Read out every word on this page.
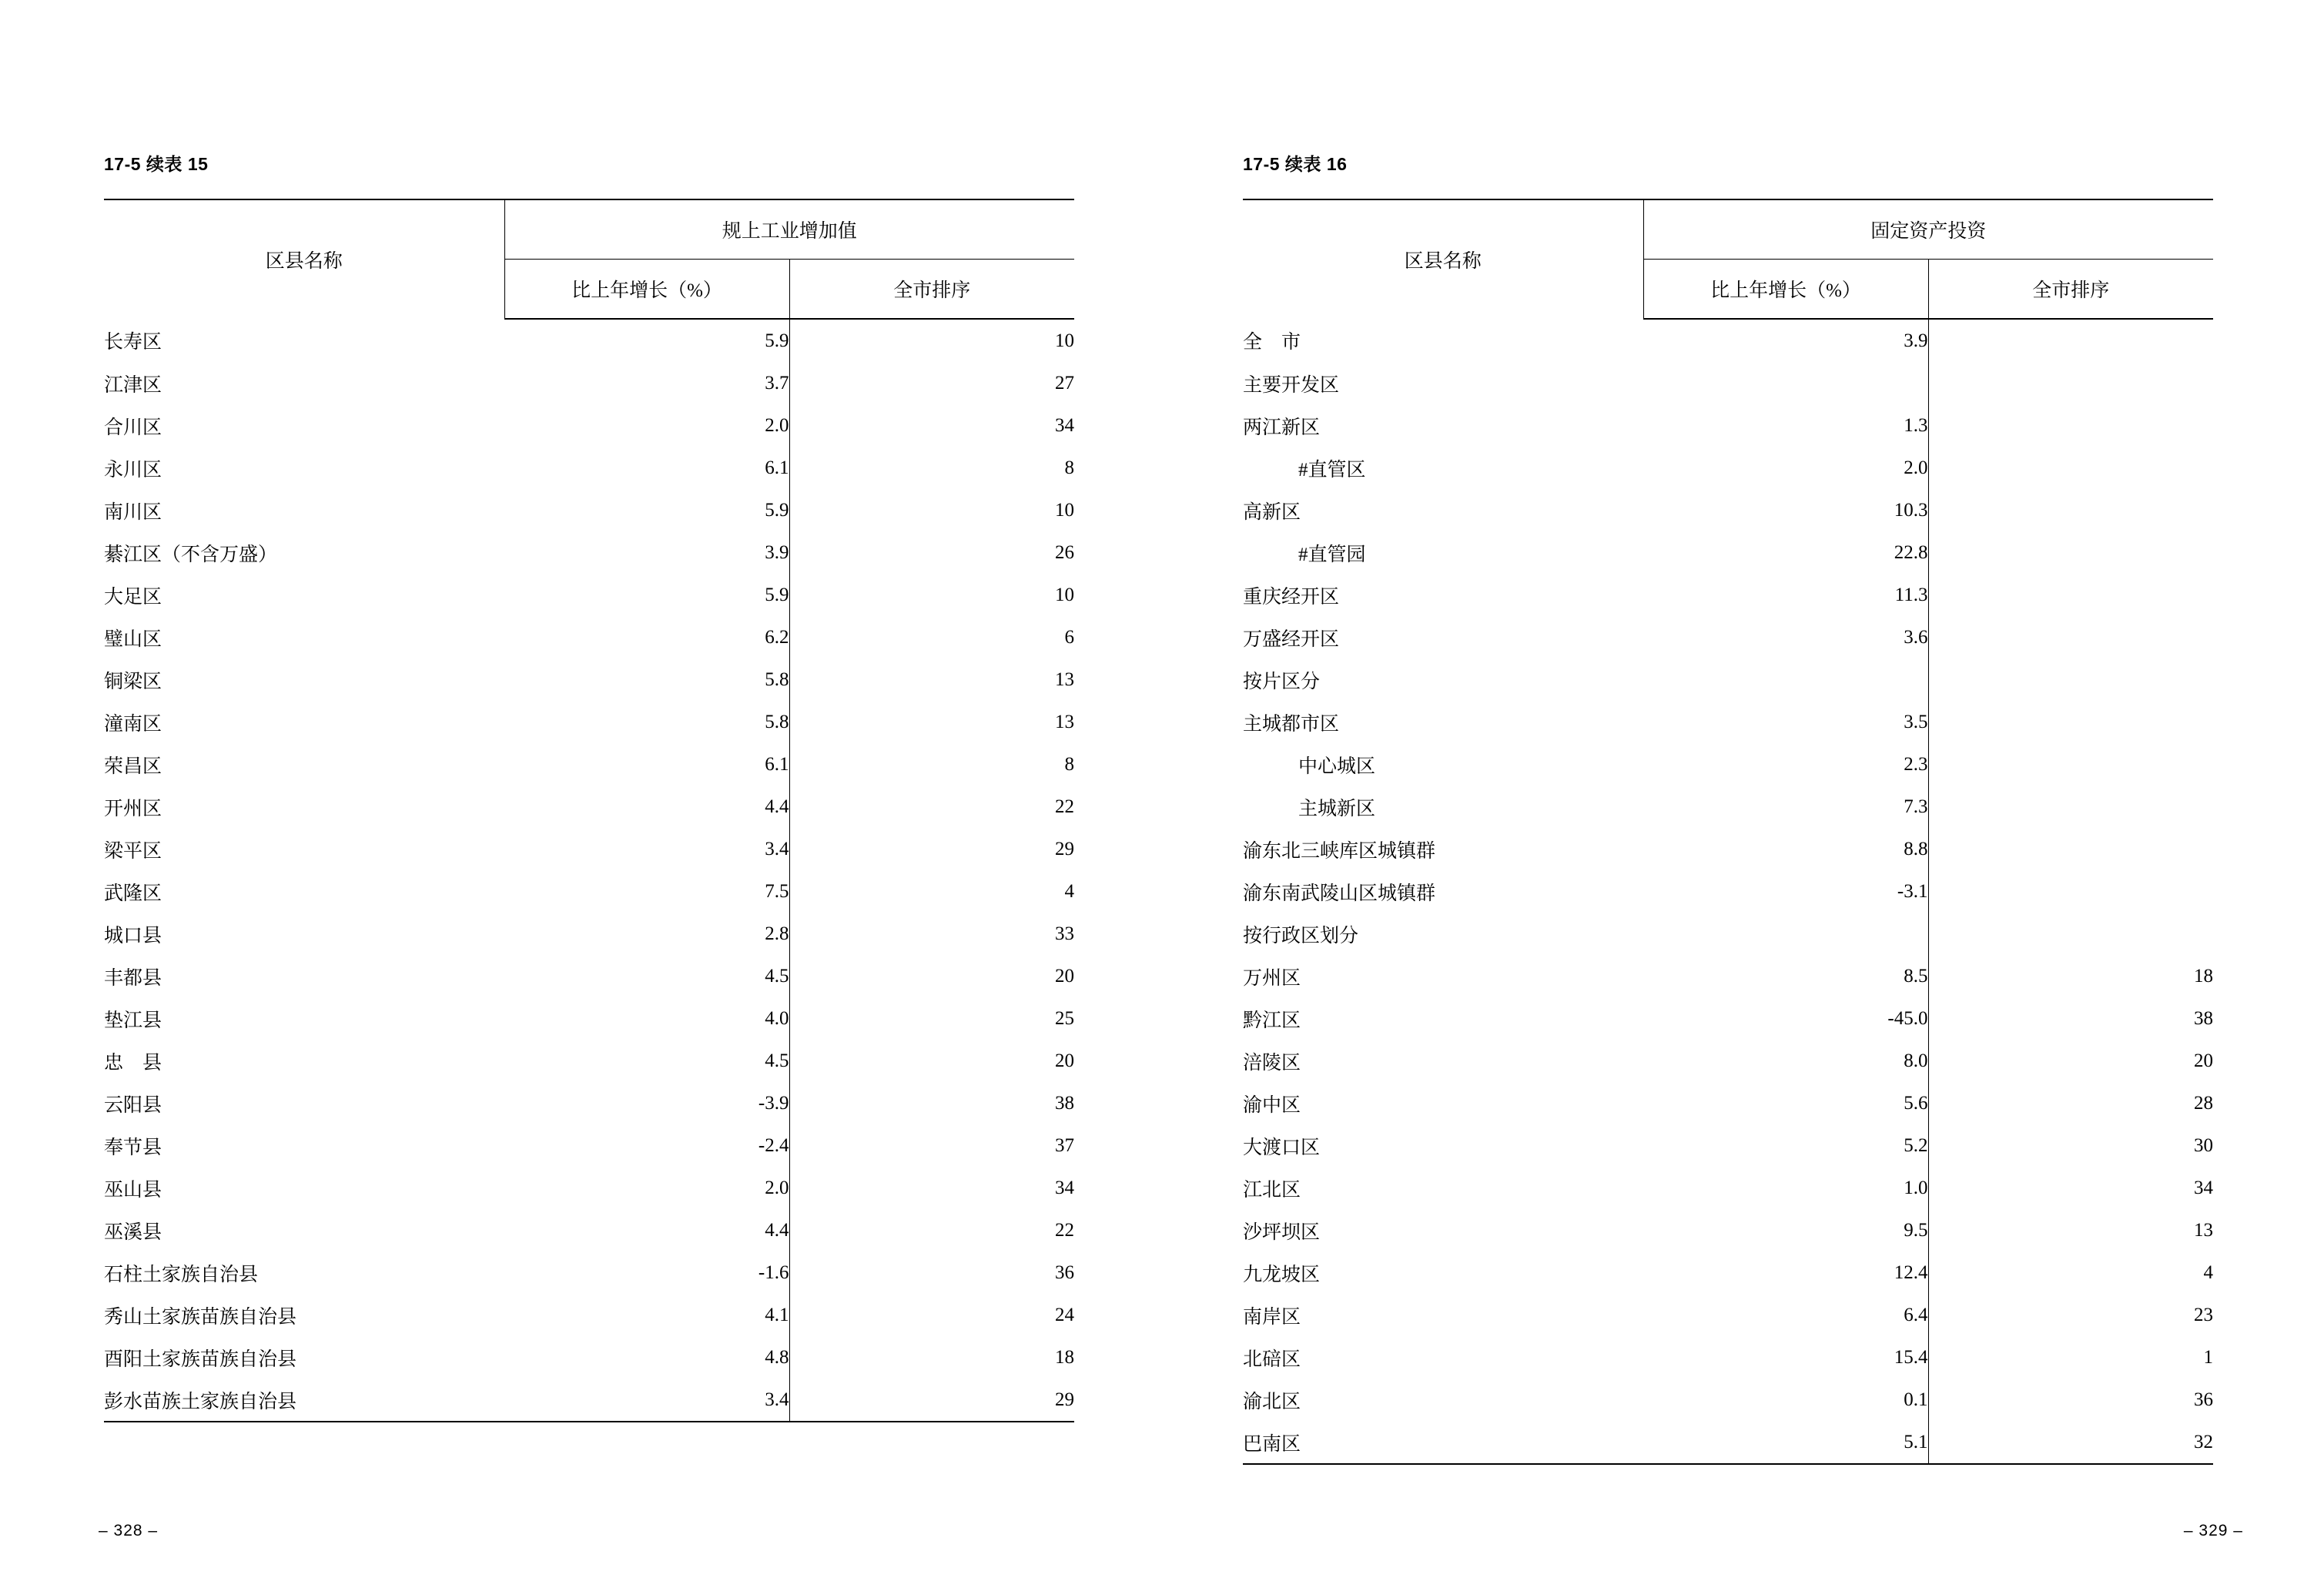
17-5 续表 15
区县名称	规上工业增加值	
	比上年增长（%）	全市排序
长寿区	5.9	10
江津区	3.7	27
合川区	2.0	34
永川区	6.1	8
南川区	5.9	10
綦江区（不含万盛）	3.9	26
大足区	5.9	10
璧山区	6.2	6
铜梁区	5.8	13
潼南区	5.8	13
荣昌区	6.1	8
开州区	4.4	22
梁平区	3.4	29
武隆区	7.5	4
城口县	2.8	33
丰都县	4.5	20
垫江县	4.0	25
忠　县	4.5	20
云阳县	-3.9	38
奉节县	-2.4	37
巫山县	2.0	34
巫溪县	4.4	22
石柱土家族自治县	-1.6	36
秀山土家族苗族自治县	4.1	24
酉阳土家族苗族自治县	4.8	18
彭水苗族土家族自治县	3.4	29
– 328 –
17-5 续表 16
区县名称	固定资产投资	
	比上年增长（%）	全市排序
全　市	3.9	
主要开发区		
两江新区	1.3	
#直管区	2.0	
高新区	10.3	
#直管园	22.8	
重庆经开区	11.3	
万盛经开区	3.6	
按片区分		
主城都市区	3.5	
中心城区	2.3	
主城新区	7.3	
渝东北三峡库区城镇群	8.8	
渝东南武陵山区城镇群	-3.1	
按行政区划分		
万州区	8.5	18
黔江区	-45.0	38
涪陵区	8.0	20
渝中区	5.6	28
大渡口区	5.2	30
江北区	1.0	34
沙坪坝区	9.5	13
九龙坡区	12.4	4
南岸区	6.4	23
北碚区	15.4	1
渝北区	0.1	36
巴南区	5.1	32
– 329 –
